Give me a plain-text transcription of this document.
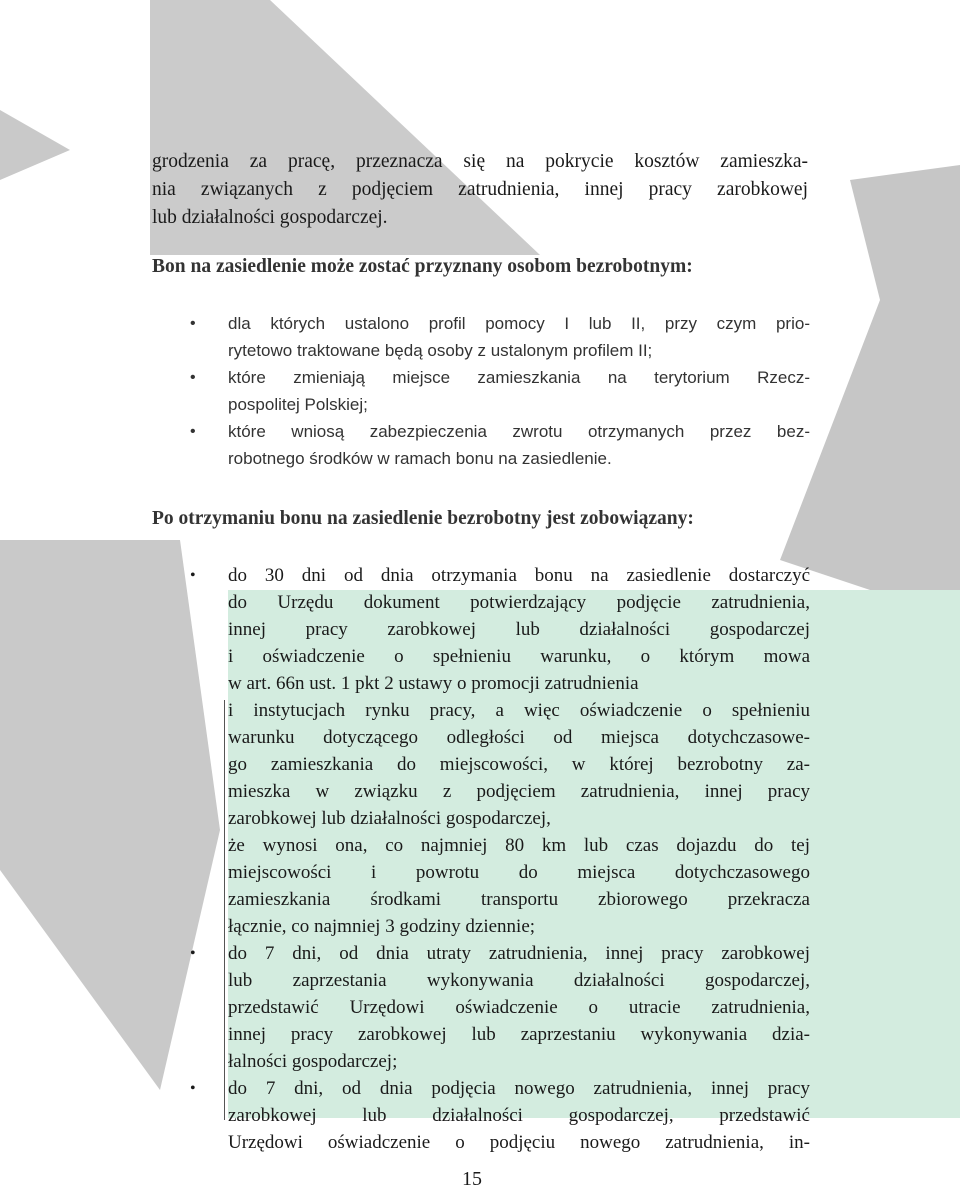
grodzenia za pracę, przeznacza się na pokrycie kosztów zamieszka-
nia związanych z podjęciem zatrudnienia, innej pracy zarobkowej
lub działalności gospodarczej.
Bon na zasiedlenie może zostać przyznany osobom bezrobotnym:
• dla których ustalono profil pomocy I lub II, przy czym prio-
rytetowo traktowane będą osoby z ustalonym profilem II;
• które zmieniają miejsce zamieszkania na terytorium Rzecz-
pospolitej Polskiej;
• które wniosą zabezpieczenia zwrotu otrzymanych przez bez-
robotnego środków w ramach bonu na zasiedlenie.
Po otrzymaniu bonu na zasiedlenie bezrobotny jest zobowiązany:
• do 30 dni od dnia otrzymania bonu na zasiedlenie dostarczyć
do Urzędu dokument potwierdzający podjęcie zatrudnienia,
innej pracy zarobkowej lub działalności gospodarczej
i oświadczenie o spełnieniu warunku, o którym mowa
w art. 66n ust. 1 pkt 2 ustawy o promocji zatrudnienia
i instytucjach rynku pracy, a więc oświadczenie o spełnieniu
warunku dotyczącego odległości od miejsca dotychczasowe-
go zamieszkania do miejscowości, w której bezrobotny za-
mieszka w związku z podjęciem zatrudnienia, innej pracy
zarobkowej lub działalności gospodarczej,
że wynosi ona, co najmniej 80 km lub czas dojazdu do tej
miejscowości i powrotu do miejsca dotychczasowego
zamieszkania środkami transportu zbiorowego przekracza
łącznie, co najmniej 3 godziny dziennie;
• do 7 dni, od dnia utraty zatrudnienia, innej pracy zarobkowej
lub zaprzestania wykonywania działalności gospodarczej,
przedstawić Urzędowi oświadczenie o utracie zatrudnienia,
innej pracy zarobkowej lub zaprzestaniu wykonywania dzia-
łalności gospodarczej;
• do 7 dni, od dnia podjęcia nowego zatrudnienia, innej pracy
zarobkowej lub działalności gospodarczej, przedstawić
Urzędowi oświadczenie o podjęciu nowego zatrudnienia, in-
15
